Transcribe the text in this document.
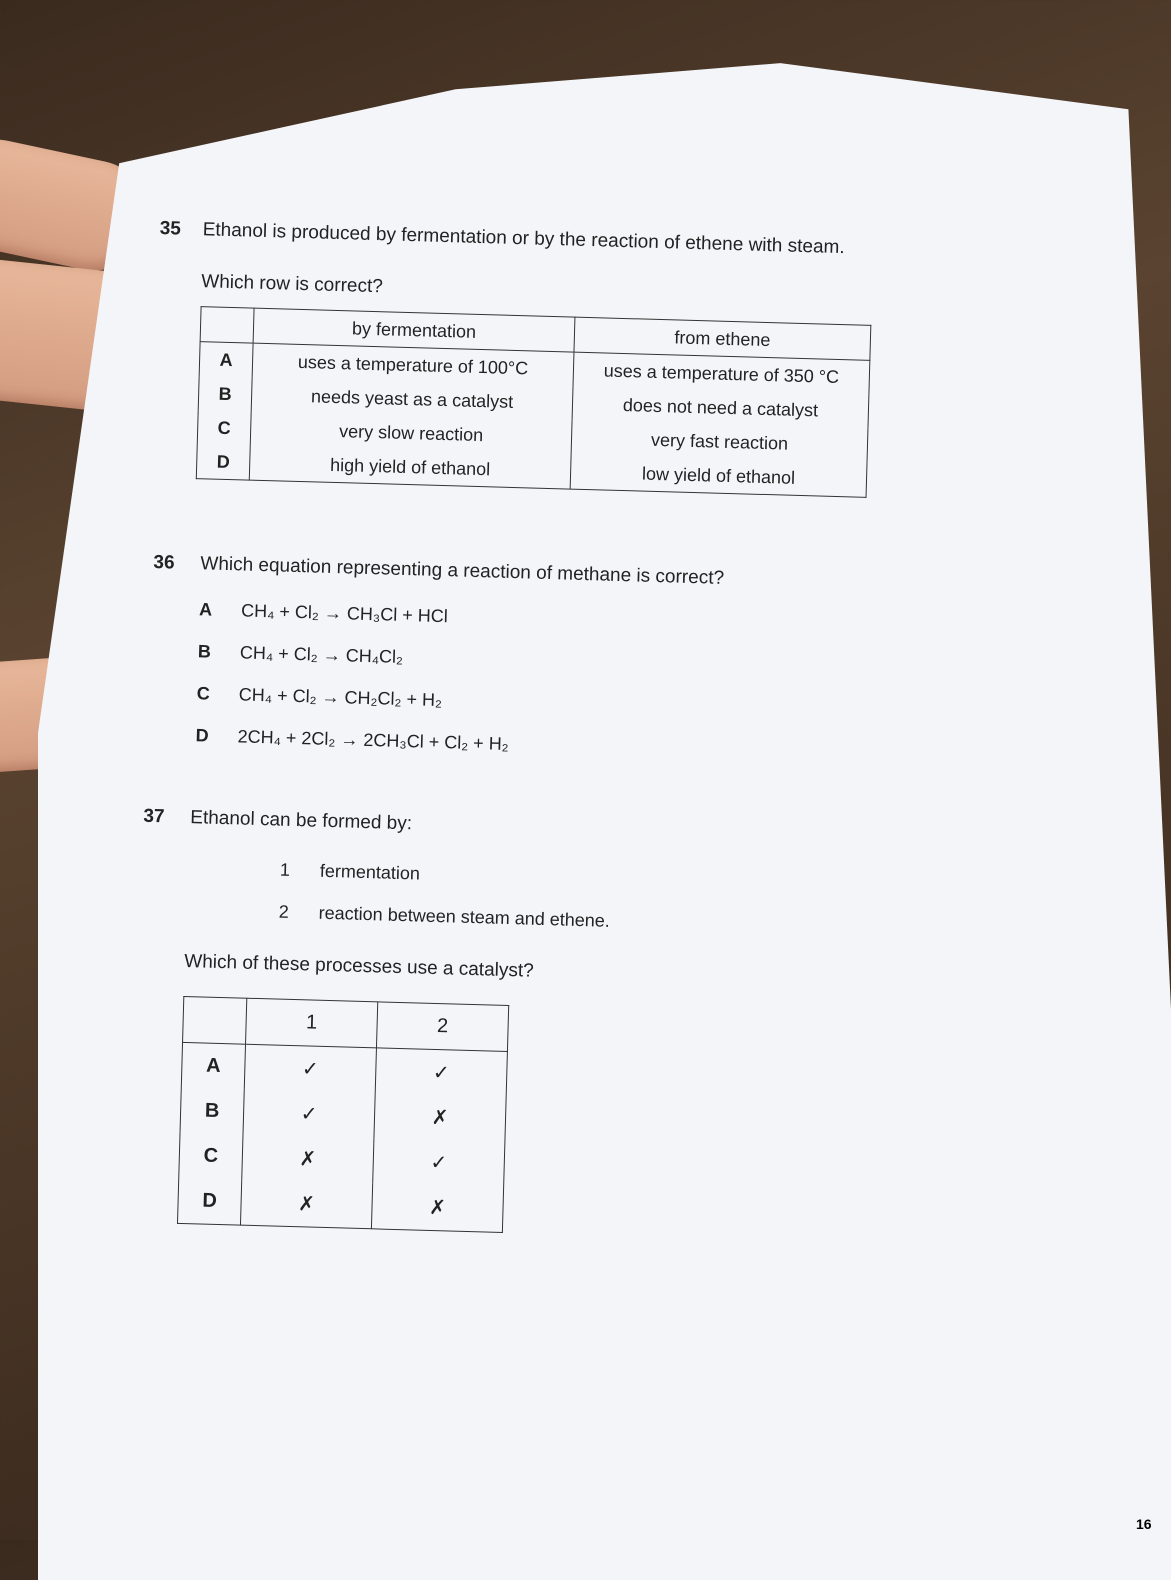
35 Ethanol is produced by fermentation or by the reaction of ethene with steam.
Which row is correct?
	by fermentation	from ethene
A	uses a temperature of 100°C	uses a temperature of 350 °C
B	needs yeast as a catalyst	does not need a catalyst
C	very slow reaction	very fast reaction
D	high yield of ethanol	low yield of ethanol
36 Which equation representing a reaction of methane is correct?
A	CH₄ + Cl₂ → CH₃Cl + HCl
B	CH₄ + Cl₂ → CH₄Cl₂
C	CH₄ + Cl₂ → CH₂Cl₂ + H₂
D	2CH₄ + 2Cl₂ → 2CH₃Cl + Cl₂ + H₂
37 Ethanol can be formed by:
1 fermentation
2 reaction between steam and ethene.
Which of these processes use a catalyst?
	1	2
A	✓	✓
B	✓	✗
C	✗	✓
D	✗	✗
16
